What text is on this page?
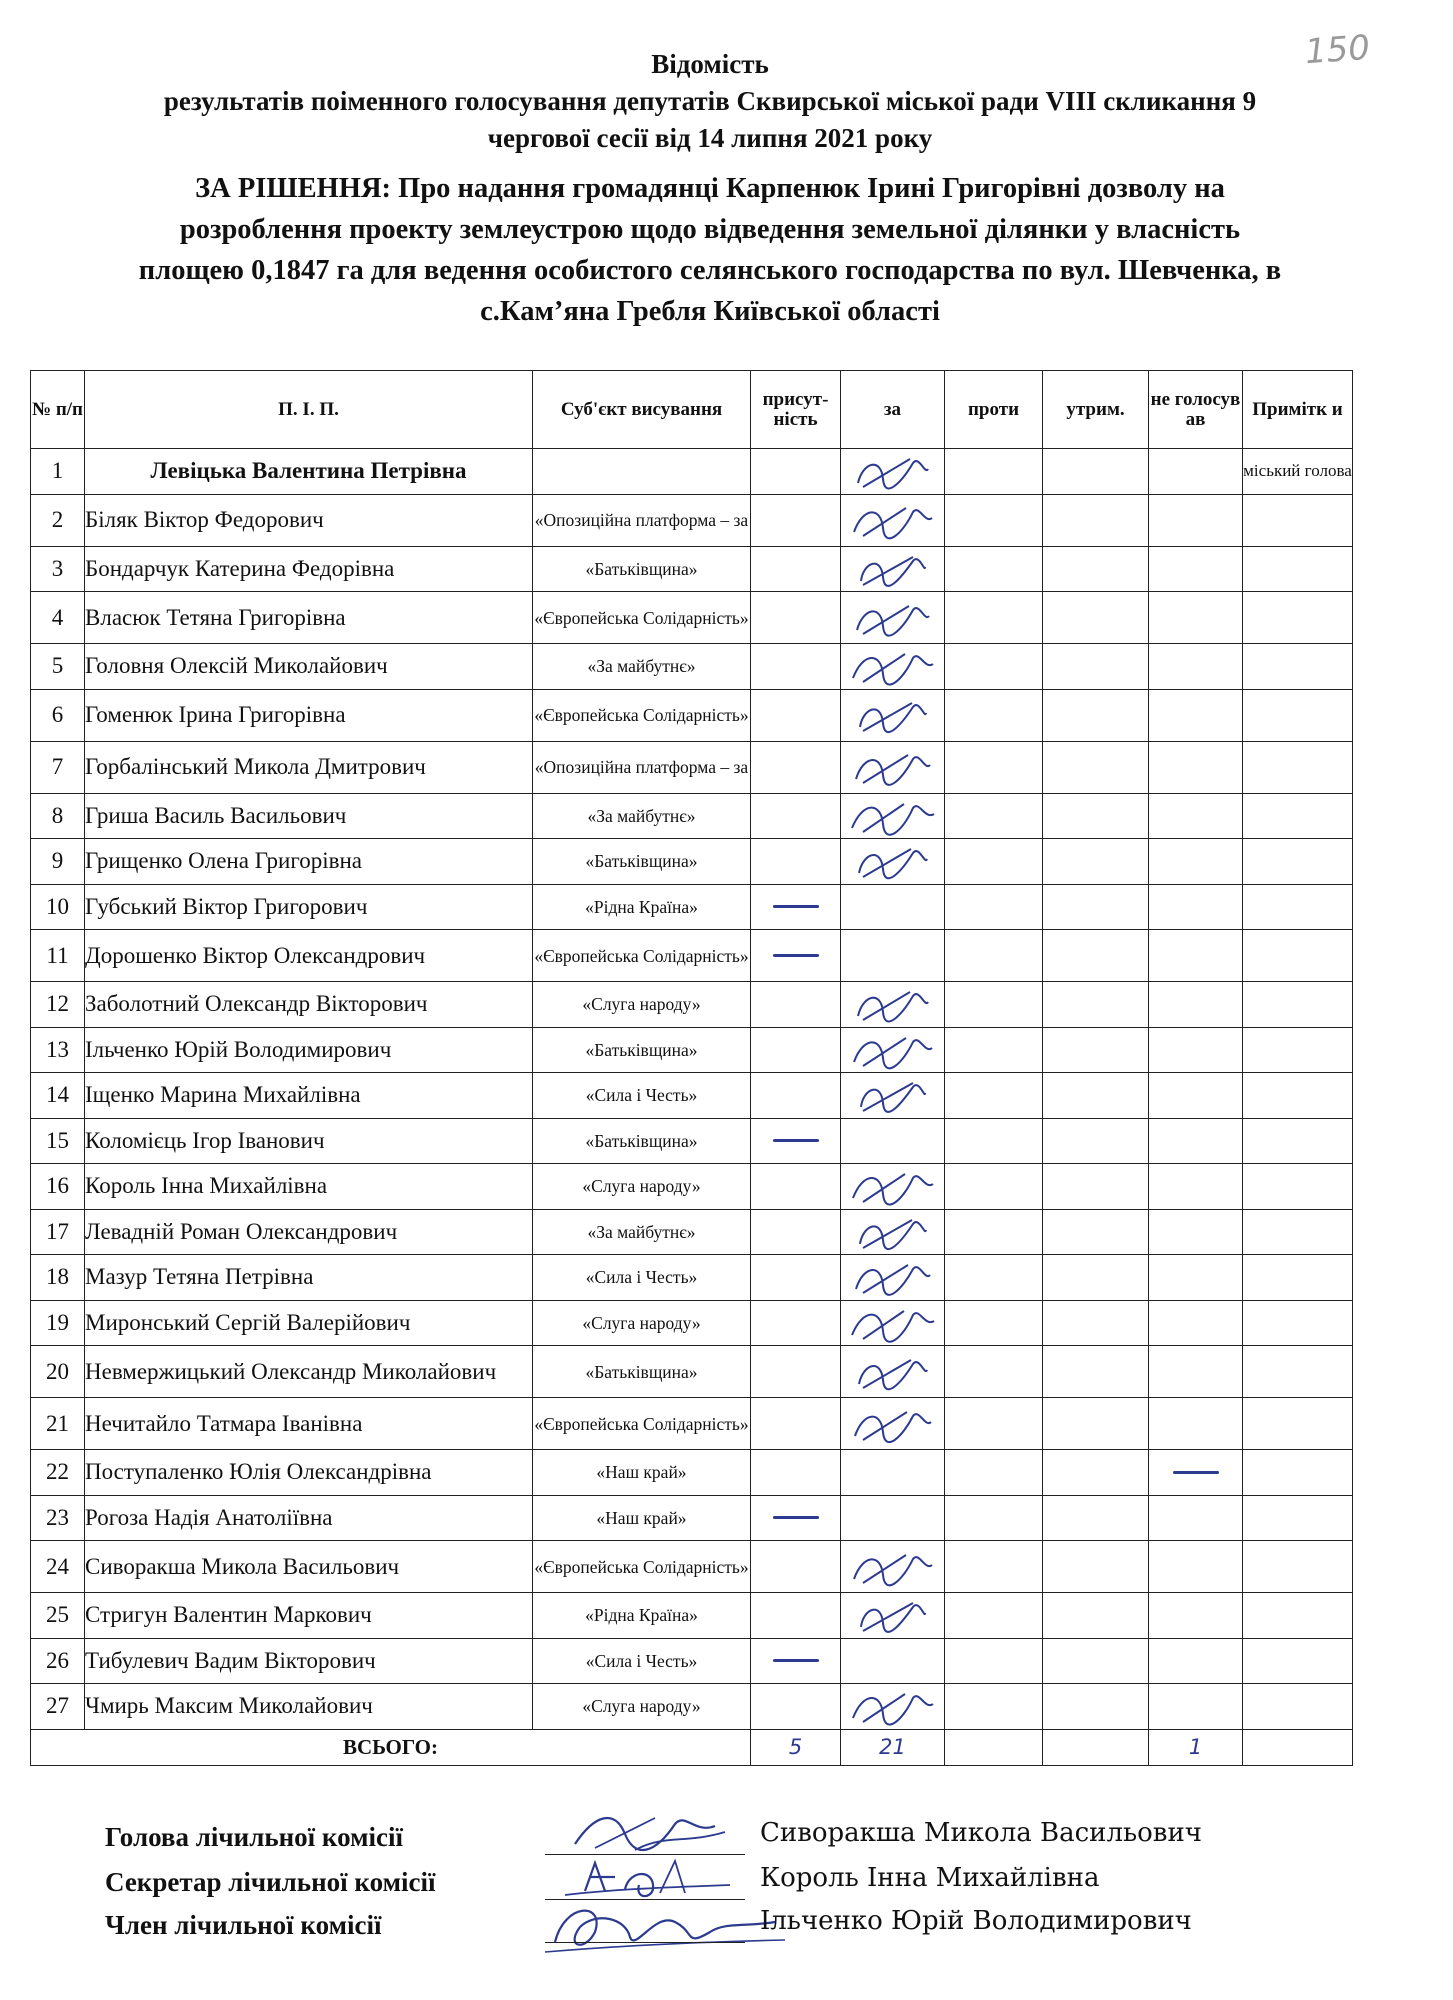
150
Відомість
результатів поіменного голосування депутатів Сквирської міської ради VIII скликання 9
чергової сесії від 14 липня 2021 року
ЗА РІШЕННЯ: Про надання громадянці Карпенюк Ірині Григорівні дозволу на
розроблення проекту землеустрою щодо відведення земельної ділянки у власність
площею 0,1847 га для ведення особистого селянського господарства по вул. Шевченка, в
с.Кам’яна Гребля Київської області
№ п/п	П. І. П.	Суб'єкт висування	присут-ність	за	проти	утрим.	не голосув ав	Примітк и
1	Левіцька Валентина Петрівна							міський голова
2	Біляк Віктор Федорович	«Опозиційна платформа – за		

3	Бондарчук Катерина Федорівна	«Батьківщина»		

4	Власюк Тетяна Григорівна	«Європейська Солідарність»		

5	Головня Олексій Миколайович	«За майбутнє»		

6	Гоменюк Ірина Григорівна	«Європейська Солідарність»		

7	Горбалінський Микола Дмитрович	«Опозиційна платформа – за		

8	Гриша Василь Васильович	«За майбутнє»		

9	Грищенко Олена Григорівна	«Батьківщина»		

10	Губський Віктор Григорович	«Рідна Країна»	

11	Дорошенко Віктор Олександрович	«Європейська Солідарність»	

12	Заболотний Олександр Вікторович	«Слуга народу»		

13	Ільченко Юрій Володимирович	«Батьківщина»		

14	Іщенко Марина Михайлівна	«Сила і Честь»		

15	Коломієць Ігор Іванович	«Батьківщина»	

16	Король Інна Михайлівна	«Слуга народу»		

17	Левадній Роман Олександрович	«За майбутнє»		

18	Мазур Тетяна Петрівна	«Сила і Честь»		

19	Миронський Сергій Валерійович	«Слуга народу»		

20	Невмержицький Олександр Миколайович	«Батьківщина»		

21	Нечитайло Татмара Іванівна	«Європейська Солідарність»		

22	Поступаленко Юлія Олександрівна	«Наш край»					

23	Рогоза Надія Анатоліївна	«Наш край»	

24	Сиворакша Микола Васильович	«Європейська Солідарність»		

25	Стригун Валентин Маркович	«Рідна Країна»		

26	Тибулевич Вадим Вікторович	«Сила і Честь»	

27	Чмирь Максим Миколайович	«Слуга народу»		

ВСЬОГО:			5	21			1	
Голова лічильної комісії	Сиворакша Микола Васильович
Секретар лічильної комісії	Король Інна Михайлівна
Член лічильної комісії	Ільченко Юрій Володимирович
